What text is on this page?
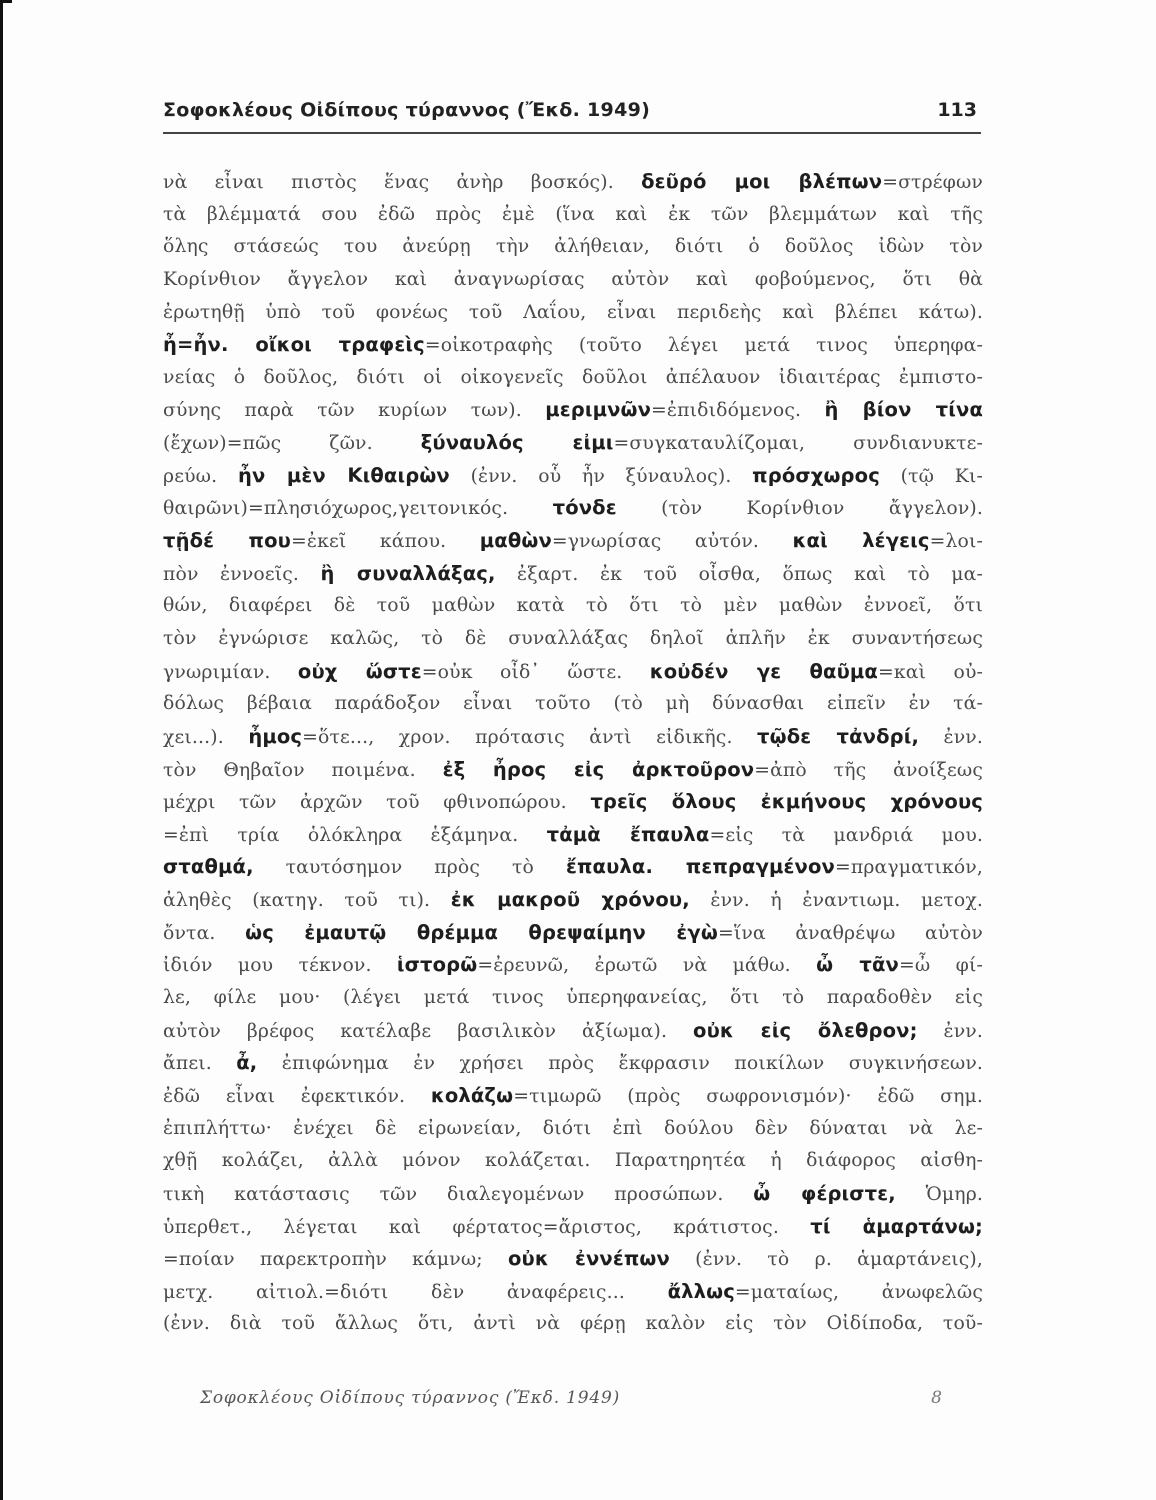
Σοφοκλέους Οἰδίπους τύραννος (Ἔκδ. 1949)	113
νὰ εἶναι πιστὸς ἕνας ἀνὴρ βοσκός). δεῦρό μοι βλέπων=στρέφων
τὰ βλέμματά σου ἐδῶ πρὸς ἐμὲ (ἵνα καὶ ἐκ τῶν βλεμμάτων καὶ τῆς
ὅλης στάσεώς του ἀνεύρῃ τὴν ἀλήθειαν, διότι ὁ δοῦλος ἰδὼν τὸν
Κορίνθιον ἄγγελον καὶ ἀναγνωρίσας αὐτὸν καὶ φοβούμενος, ὅτι θὰ
ἐρωτηθῇ ὑπὸ τοῦ φονέως τοῦ Λαΐου, εἶναι περιδεὴς καὶ βλέπει κάτω).
ἦ=ἦν. οἴκοι τραφεὶς=οἰκοτραφὴς (τοῦτο λέγει μετά τινος ὑπερηφα-
νείας ὁ δοῦλος, διότι οἱ οἰκογενεῖς δοῦλοι ἀπέλαυον ἰδιαιτέρας ἐμπιστο-
σύνης παρὰ τῶν κυρίων των). μεριμνῶν=ἐπιδιδόμενος. ἢ βίον τίνα
(ἔχων)=πῶς ζῶν. ξύναυλός εἰμι=συγκαταυλίζομαι, συνδιανυκτε-
ρεύω. ἦν μὲν Κιθαιρὼν (ἐνν. οὗ ἦν ξύναυλος). πρόσχωρος (τῷ Κι-
θαιρῶνι)=πλησιόχωρος,γειτονικός. τόνδε (τὸν Κορίνθιον ἄγγελον).
τῇδέ που=ἐκεῖ κάπου. μαθὼν=γνωρίσας αὐτόν. καὶ λέγεις=λοι-
πὸν ἐννοεῖς. ἢ συναλλάξας, ἐξαρτ. ἐκ τοῦ οἶσθα, ὅπως καὶ τὸ μα-
θών, διαφέρει δὲ τοῦ μαθὼν κατὰ τὸ ὅτι τὸ μὲν μαθὼν ἐννοεῖ, ὅτι
τὸν ἐγνώρισε καλῶς, τὸ δὲ συναλλάξας δηλοῖ ἁπλῆν ἐκ συναντήσεως
γνωριμίαν. οὐχ ὥστε=οὐκ οἶδ᾽ ὥστε. κοὐδέν γε θαῦμα=καὶ οὐ-
δόλως βέβαια παράδοξον εἶναι τοῦτο (τὸ μὴ δύνασθαι εἰπεῖν ἐν τά-
χει...). ἦμος=ὅτε..., χρον. πρότασις ἀντὶ εἰδικῆς. τῷδε τἀνδρί, ἐνν.
τὸν Θηβαῖον ποιμένα. ἐξ ἦρος εἰς ἀρκτοῦρον=ἀπὸ τῆς ἀνοίξεως
μέχρι τῶν ἀρχῶν τοῦ φθινοπώρου. τρεῖς ὅλους ἐκμήνους χρόνους
=ἐπὶ τρία ὁλόκληρα ἑξάμηνα. τἀμὰ ἔπαυλα=εἰς τὰ μανδριά μου.
σταθμά, ταυτόσημον πρὸς τὸ ἔπαυλα. πεπραγμένον=πραγματικόν,
ἀληθὲς (κατηγ. τοῦ τι). ἐκ μακροῦ χρόνου, ἐνν. ἡ ἐναντιωμ. μετοχ.
ὄντα. ὡς ἐμαυτῷ θρέμμα θρεψαίμην ἐγὼ=ἵνα ἀναθρέψω αὐτὸν
ἰδιόν μου τέκνον. ἱστορῶ=ἐρευνῶ, ἐρωτῶ νὰ μάθω. ὦ τᾶν=ὦ φί-
λε, φίλε μου· (λέγει μετά τινος ὑπερηφανείας, ὅτι τὸ παραδοθὲν εἰς
αὐτὸν βρέφος κατέλαβε βασιλικὸν ἀξίωμα). οὐκ εἰς ὄλεθρον; ἐνν.
ἄπει. ἆ, ἐπιφώνημα ἐν χρήσει πρὸς ἔκφρασιν ποικίλων συγκινήσεων.
ἐδῶ εἶναι ἐφεκτικόν. κολάζω=τιμωρῶ (πρὸς σωφρονισμόν)· ἐδῶ σημ.
ἐπιπλήττω· ἐνέχει δὲ εἰρωνείαν, διότι ἐπὶ δούλου δὲν δύναται νὰ λε-
χθῇ κολάζει, ἀλλὰ μόνον κολάζεται. Παρατηρητέα ἡ διάφορος αἰσθη-
τικὴ κατάστασις τῶν διαλεγομένων προσώπων. ὦ φέριστε, Ὁμηρ.
ὑπερθετ., λέγεται καὶ φέρτατος=ἄριστος, κράτιστος. τί ἁμαρτάνω;
=ποίαν παρεκτροπὴν κάμνω; οὐκ ἐννέπων (ἐνν. τὸ ρ. ἁμαρτάνεις),
μετχ. αἰτιολ.=διότι δὲν ἀναφέρεις... ἄλλως=ματαίως, ἀνωφελῶς
(ἐνν. διὰ τοῦ ἄλλως ὅτι, ἀντὶ νὰ φέρῃ καλὸν εἰς τὸν Οἰδίποδα, τοῦ-
Σοφοκλέους Οἰδίπους τύραννος (Ἔκδ. 1949)	8
